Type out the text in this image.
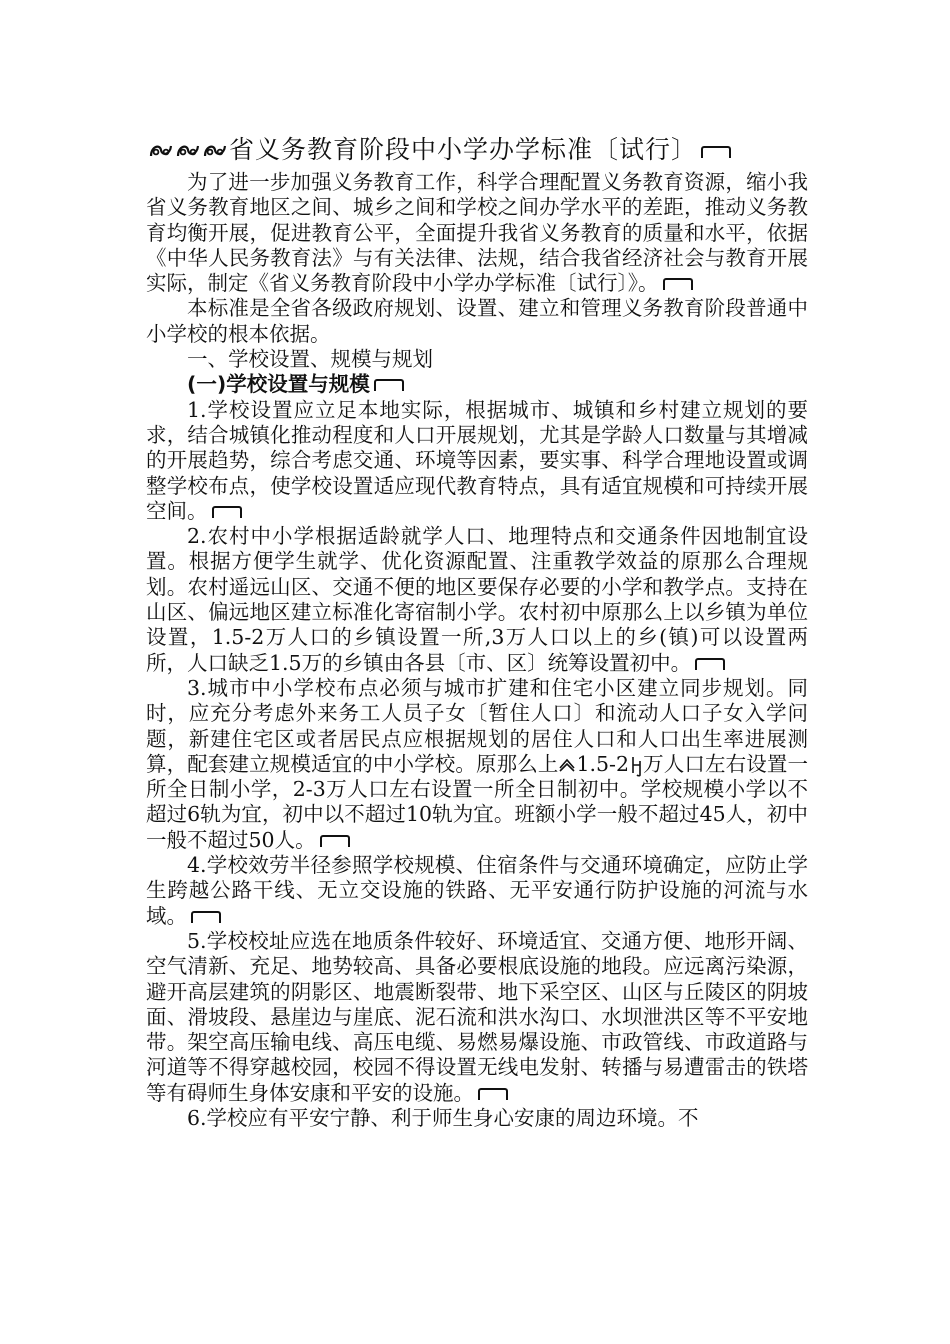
省义务教育阶段中小学办学标准〔试行〕

为了进一步加强义务教育工作，科学合理配置义务教育资源，缩小我省义务教育地区之间、城乡之间和学校之间办学水平的差距，推动义务教育均衡开展，促进教育公平，全面提升我省义务教育的质量和水平，依据《中华人民务教育法》与有关法律、法规，结合我省经济社会与教育开展实际，制定《省义务教育阶段中小学办学标准〔试行〕》。

本标准是全省各级政府规划、设置、建立和管理义务教育阶段普通中小学校的根本依据。

一、学校设置、规模与规划

(一)学校设置与规模

1.学校设置应立足本地实际，根据城市、城镇和乡村建立规划的要求，结合城镇化推动程度和人口开展规划，尤其是学龄人口数量与其增减的开展趋势，综合考虑交通、环境等因素，要实事、科学合理地设置或调整学校布点，使学校设置适应现代教育特点，具有适宜规模和可持续开展空间。

2.农村中小学根据适龄就学人口、地理特点和交通条件因地制宜设置。根据方便学生就学、优化资源配置、注重教学效益的原那么合理规划。农村遥远山区、交通不便的地区要保存必要的小学和教学点。支持在山区、偏远地区建立标准化寄宿制小学。农村初中原那么上以乡镇为单位设置，1.5-2万人口的乡镇设置一所,3万人口以上的乡(镇)可以设置两所，人口缺乏1.5万的乡镇由各县〔市、区〕统筹设置初中。

3.城市中小学校布点必须与城市扩建和住宅小区建立同步规划。同时，应充分考虑外来务工人员子女〔暂住人口〕和流动人口子女入学问题，新建住宅区或者居民点应根据规划的居住人口和人口出生率进展测算，配套建立规模适宜的中小学校。原那么上 1.5-2 万人口左右设置一所全日制小学，2-3万人口左右设置一所全日制初中。学校规模小学以不超过6轨为宜，初中以不超过10轨为宜。班额小学一般不超过45人，初中一般不超过50人。

4.学校效劳半径参照学校规模、住宿条件与交通环境确定，应防止学生跨越公路干线、无立交设施的铁路、无平安通行防护设施的河流与水域。

5.学校校址应选在地质条件较好、环境适宜、交通方便、地形开阔、空气清新、充足、地势较高、具备必要根底设施的地段。应远离污染源，避开高层建筑的阴影区、地震断裂带、地下采空区、山区与丘陵区的阴坡面、滑坡段、悬崖边与崖底、泥石流和洪水沟口、水坝泄洪区等不平安地带。架空高压输电线、高压电缆、易燃易爆设施、市政管线、市政道路与河道等不得穿越校园，校园不得设置无线电发射、转播与易遭雷击的铁塔等有碍师生身体安康和平安的设施。

6.学校应有平安宁静、利于师生身心安康的周边环境。不
